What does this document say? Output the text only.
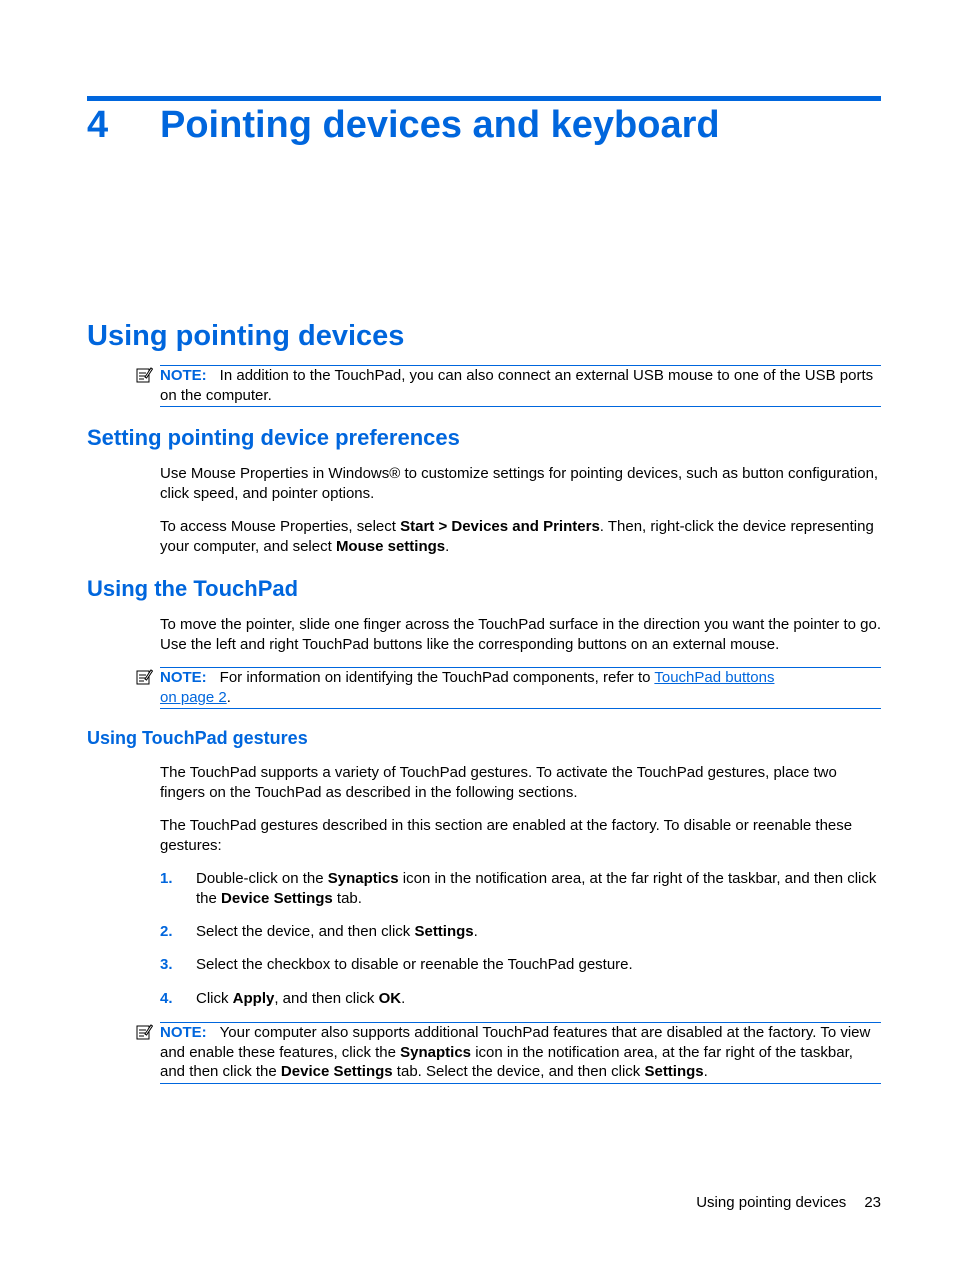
4 Pointing devices and keyboard
Using pointing devices
NOTE: In addition to the TouchPad, you can also connect an external USB mouse to one of the USB ports on the computer.
Setting pointing device preferences
Use Mouse Properties in Windows® to customize settings for pointing devices, such as button configuration, click speed, and pointer options.
To access Mouse Properties, select Start > Devices and Printers. Then, right-click the device representing your computer, and select Mouse settings.
Using the TouchPad
To move the pointer, slide one finger across the TouchPad surface in the direction you want the pointer to go. Use the left and right TouchPad buttons like the corresponding buttons on an external mouse.
NOTE: For information on identifying the TouchPad components, refer to TouchPad buttons
on page 2.
Using TouchPad gestures
The TouchPad supports a variety of TouchPad gestures. To activate the TouchPad gestures, place two fingers on the TouchPad as described in the following sections.
The TouchPad gestures described in this section are enabled at the factory. To disable or reenable these gestures:
1. Double-click on the Synaptics icon in the notification area, at the far right of the taskbar, and then click the Device Settings tab.
2. Select the device, and then click Settings.
3. Select the checkbox to disable or reenable the TouchPad gesture.
4. Click Apply, and then click OK.
NOTE: Your computer also supports additional TouchPad features that are disabled at the factory. To view and enable these features, click the Synaptics icon in the notification area, at the far right of the taskbar, and then click the Device Settings tab. Select the device, and then click Settings.
Using pointing devices 23
